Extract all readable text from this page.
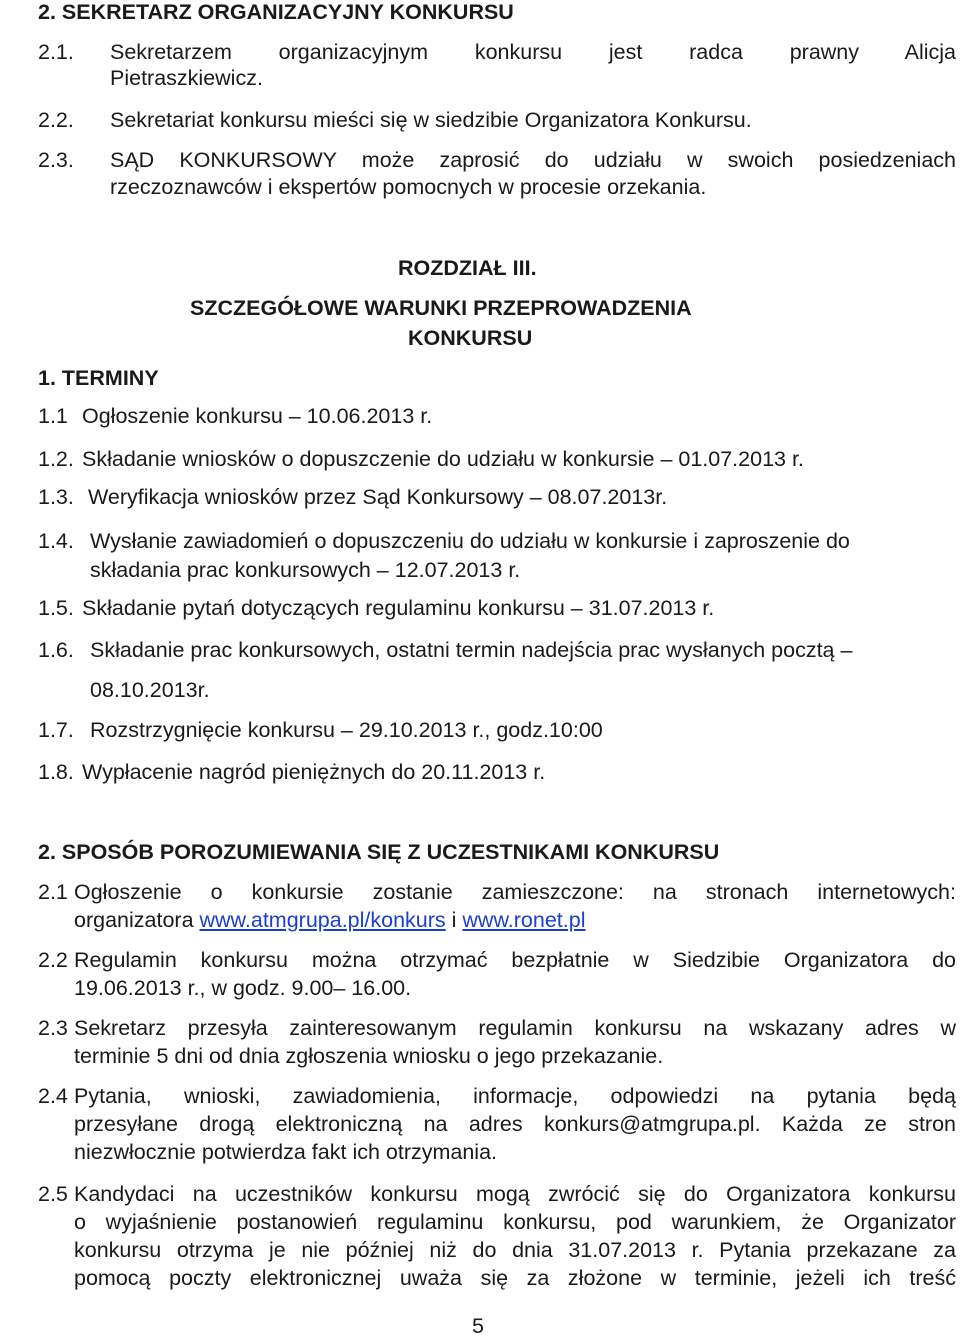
2. SEKRETARZ ORGANIZACYJNY KONKURSU
2.1. Sekretarzem organizacyjnym konkursu jest radca prawny Alicja
Pietraszkiewicz.
2.2. Sekretariat konkursu mieści się w siedzibie Organizatora Konkursu.
2.3. SĄD KONKURSOWY może zaprosić do udziału w swoich posiedzeniach
rzeczoznawców i ekspertów pomocnych w procesie orzekania.
ROZDZIAŁ III.
SZCZEGÓŁOWE WARUNKI PRZEPROWADZENIA
KONKURSU
1. TERMINY
1.1 Ogłoszenie konkursu – 10.06.2013 r.
1.2. Składanie wniosków o dopuszczenie do udziału w konkursie – 01.07.2013 r.
1.3. Weryfikacja wniosków przez Sąd Konkursowy – 08.07.2013r.
1.4. Wysłanie zawiadomień o dopuszczeniu do udziału w konkursie i zaproszenie do
składania prac konkursowych – 12.07.2013 r.
1.5. Składanie pytań dotyczących regulaminu konkursu – 31.07.2013 r.
1.6. Składanie prac konkursowych, ostatni termin nadejścia prac wysłanych pocztą –
08.10.2013r.
1.7. Rozstrzygnięcie konkursu – 29.10.2013 r., godz.10:00
1.8. Wypłacenie nagród pieniężnych do 20.11.2013 r.
2. SPOSÓB POROZUMIEWANIA SIĘ Z UCZESTNIKAMI KONKURSU
2.1 Ogłoszenie o konkursie zostanie zamieszczone: na stronach internetowych:
organizatora www.atmgrupa.pl/konkurs i www.ronet.pl
2.2 Regulamin konkursu można otrzymać bezpłatnie w Siedzibie Organizatora do
19.06.2013 r., w godz. 9.00– 16.00.
2.3 Sekretarz przesyła zainteresowanym regulamin konkursu na wskazany adres w
terminie 5 dni od dnia zgłoszenia wniosku o jego przekazanie.
2.4 Pytania, wnioski, zawiadomienia, informacje, odpowiedzi na pytania będą
przesyłane drogą elektroniczną na adres konkurs@atmgrupa.pl. Każda ze stron
niezwłocznie potwierdza fakt ich otrzymania.
2.5 Kandydaci na uczestników konkursu mogą zwrócić się do Organizatora konkursu
o wyjaśnienie postanowień regulaminu konkursu, pod warunkiem, że Organizator
konkursu otrzyma je nie później niż do dnia 31.07.2013 r. Pytania przekazane za
pomocą poczty elektronicznej uważa się za złożone w terminie, jeżeli ich treść
5
